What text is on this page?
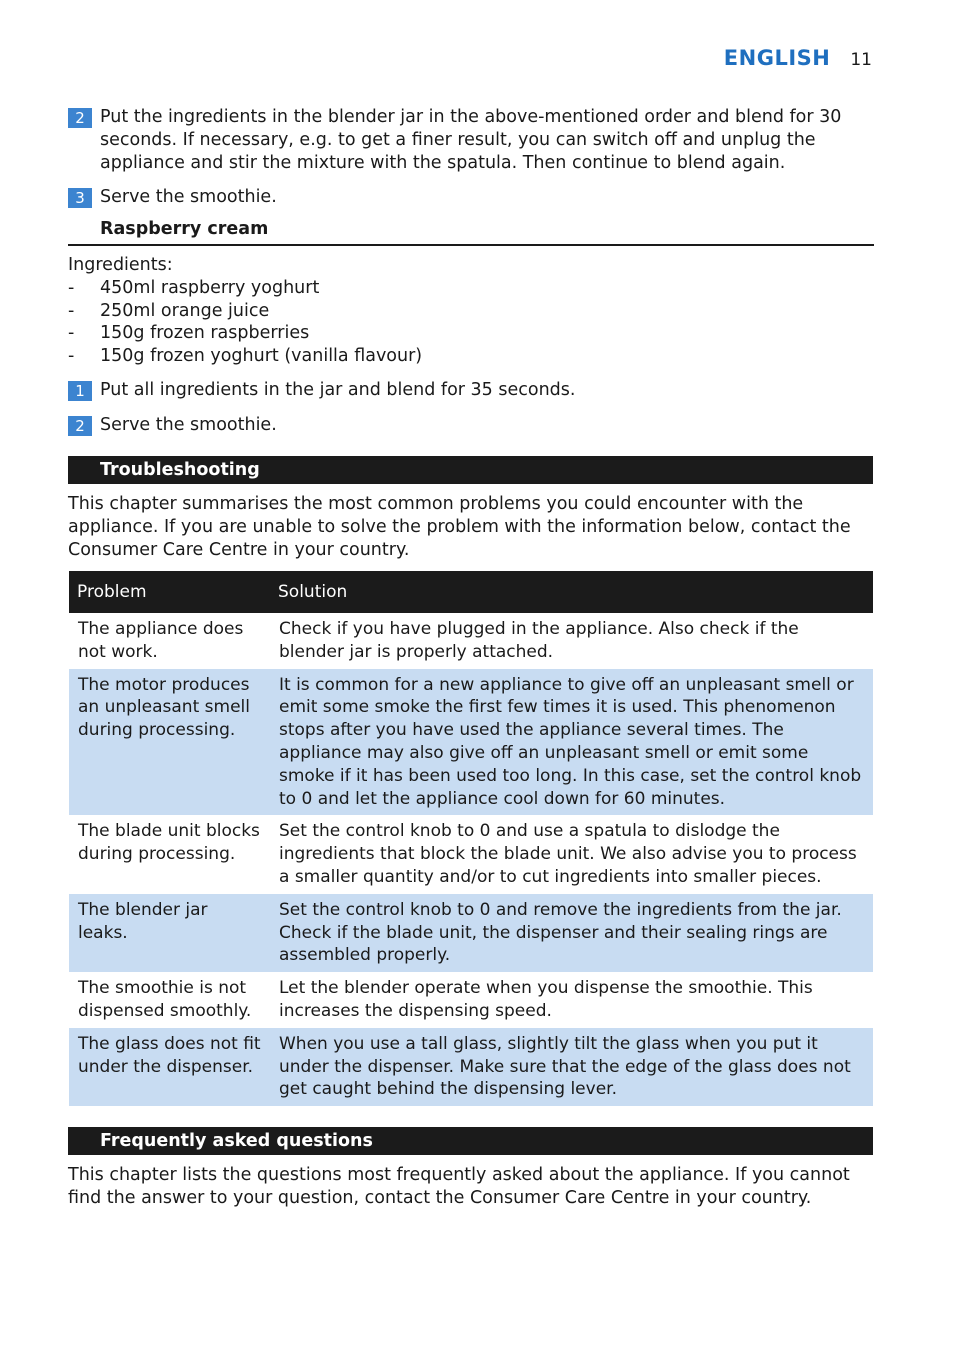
ENGLISH 11
2 Put the ingredients in the blender jar in the above-mentioned order and blend for 30 seconds. If necessary, e.g. to get a finer result, you can switch off and unplug the appliance and stir the mixture with the spatula. Then continue to blend again.
3 Serve the smoothie.
Raspberry cream
Ingredients:
-	450ml raspberry yoghurt
-	250ml orange juice
-	150g frozen raspberries
-	150g frozen yoghurt (vanilla flavour)
1 Put all ingredients in the jar and blend for 35 seconds.
2 Serve the smoothie.
Troubleshooting
This chapter summarises the most common problems you could encounter with the appliance. If you are unable to solve the problem with the information below, contact the Consumer Care Centre in your country.
Problem	Solution
The appliance does not work.	Check if you have plugged in the appliance. Also check if the blender jar is properly attached.
The motor produces an unpleasant smell during processing.	It is common for a new appliance to give off an unpleasant smell or emit some smoke the first few times it is used. This phenomenon stops after you have used the appliance several times. The appliance may also give off an unpleasant smell or emit some smoke if it has been used too long. In this case, set the control knob to 0 and let the appliance cool down for 60 minutes.
The blade unit blocks during processing.	Set the control knob to 0 and use a spatula to dislodge the ingredients that block the blade unit. We also advise you to process a smaller quantity and/or to cut ingredients into smaller pieces.
The blender jar leaks.	Set the control knob to 0 and remove the ingredients from the jar. Check if the blade unit, the dispenser and their sealing rings are assembled properly.
The smoothie is not dispensed smoothly.	Let the blender operate when you dispense the smoothie. This increases the dispensing speed.
The glass does not fit under the dispenser.	When you use a tall glass, slightly tilt the glass when you put it under the dispenser. Make sure that the edge of the glass does not get caught behind the dispensing lever.
Frequently asked questions
This chapter lists the questions most frequently asked about the appliance. If you cannot find the answer to your question, contact the Consumer Care Centre in your country.
